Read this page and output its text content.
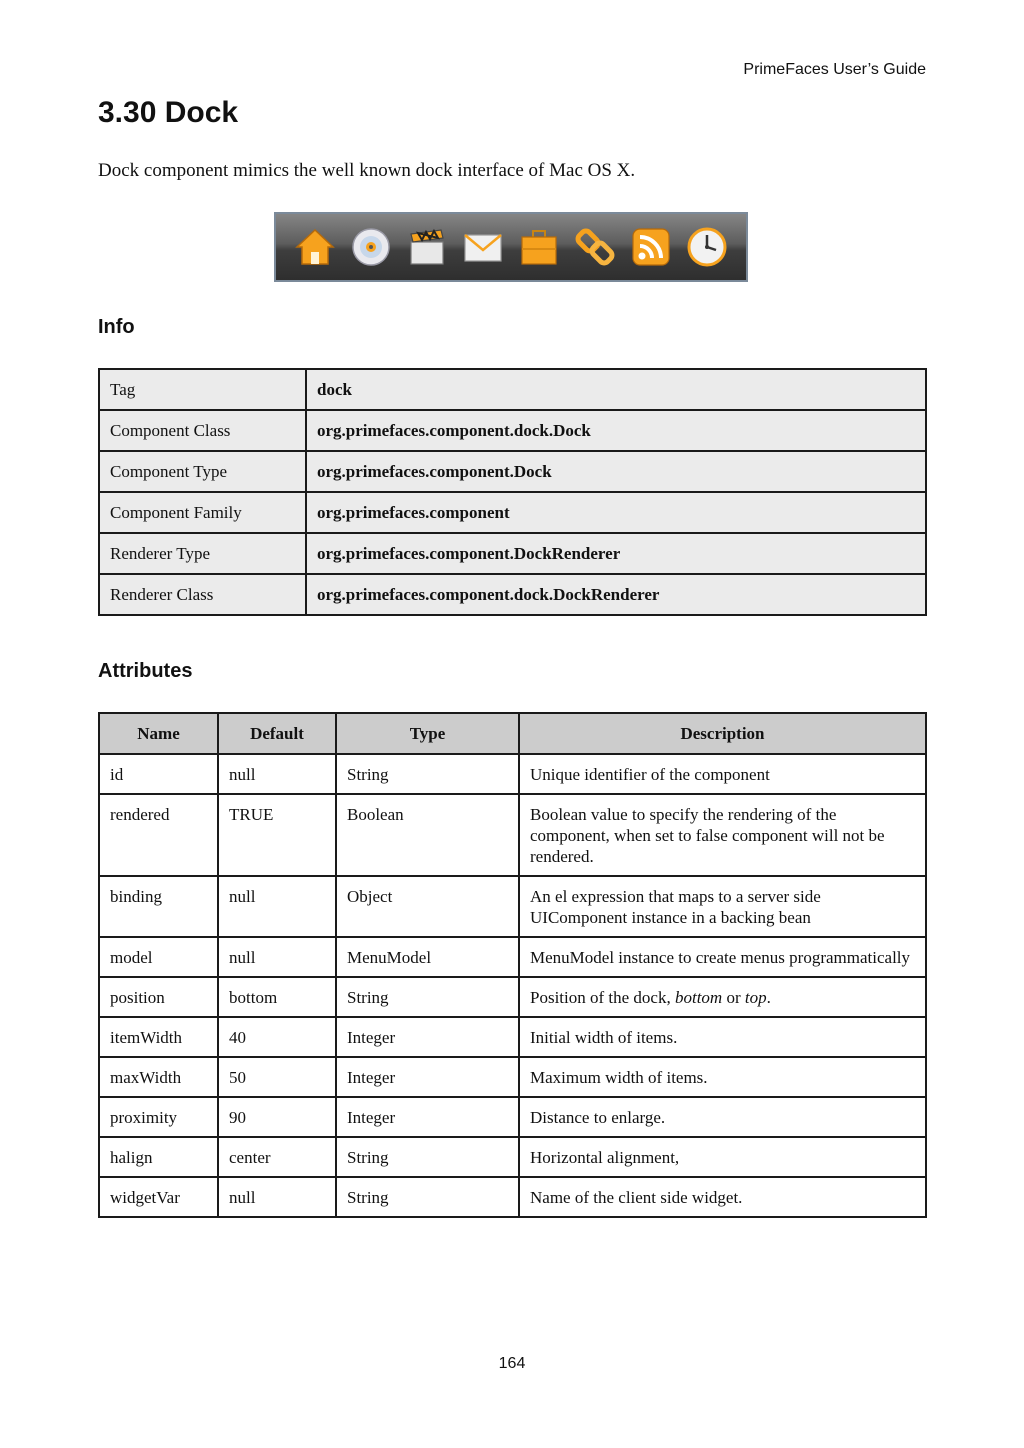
PrimeFaces User’s Guide
3.30 Dock

Dock component mimics the well known dock interface of Mac OS X.

Info
Tag	dock
Component Class	org.primefaces.component.dock.Dock
Component Type	org.primefaces.component.Dock
Component Family	org.primefaces.component
Renderer Type	org.primefaces.component.DockRenderer
Renderer Class	org.primefaces.component.dock.DockRenderer
Attributes
Name	Default	Type	Description
id	null	String	Unique identifier of the component
rendered	TRUE	Boolean	Boolean value to specify the rendering of the component, when set to false component will not be rendered.
binding	null	Object	An el expression that maps to a server side UIComponent instance in a backing bean
model	null	MenuModel	MenuModel instance to create menus programmatically
position	bottom	String	Position of the dock, bottom or top.
itemWidth	40	Integer	Initial width of items.
maxWidth	50	Integer	Maximum width of items.
proximity	90	Integer	Distance to enlarge.
halign	center	String	Horizontal alignment,
widgetVar	null	String	Name of the client side widget.
164
